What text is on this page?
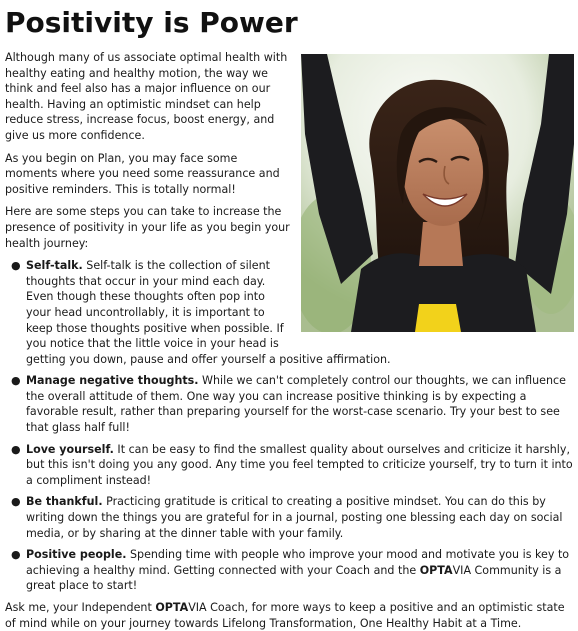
Positivity is Power

Although many of us associate optimal health with healthy eating and healthy motion, the way we think and feel also has a major influence on our health. Having an optimistic mindset can help reduce stress, increase focus, boost energy, and give us more confidence.

As you begin on Plan, you may face some moments where you need some reassurance and positive reminders. This is totally normal!

Here are some steps you can take to increase the presence of positivity in your life as you begin your health journey:

● Self-talk. Self-talk is the collection of silent thoughts that occur in your mind each day. Even though these thoughts often pop into your head uncontrollably, it is important to keep those thoughts positive when possible. If you notice that the little voice in your head is getting you down, pause and offer yourself a positive affirmation.
● Manage negative thoughts. While we can't completely control our thoughts, we can influence the overall attitude of them. One way you can increase positive thinking is by expecting a favorable result, rather than preparing yourself for the worst-case scenario. Try your best to see that glass half full!
● Love yourself. It can be easy to find the smallest quality about ourselves and criticize it harshly, but this isn't doing you any good. Any time you feel tempted to criticize yourself, try to turn it into a compliment instead!
● Be thankful. Practicing gratitude is critical to creating a positive mindset. You can do this by writing down the things you are grateful for in a journal, posting one blessing each day on social media, or by sharing at the dinner table with your family.
● Positive people. Spending time with people who improve your mood and motivate you is key to achieving a healthy mind. Getting connected with your Coach and the OPTAVIA Community is a great place to start!

Ask me, your Independent OPTAVIA Coach, for more ways to keep a positive and an optimistic state of mind while on your journey towards Lifelong Transformation, One Healthy Habit at a Time.
